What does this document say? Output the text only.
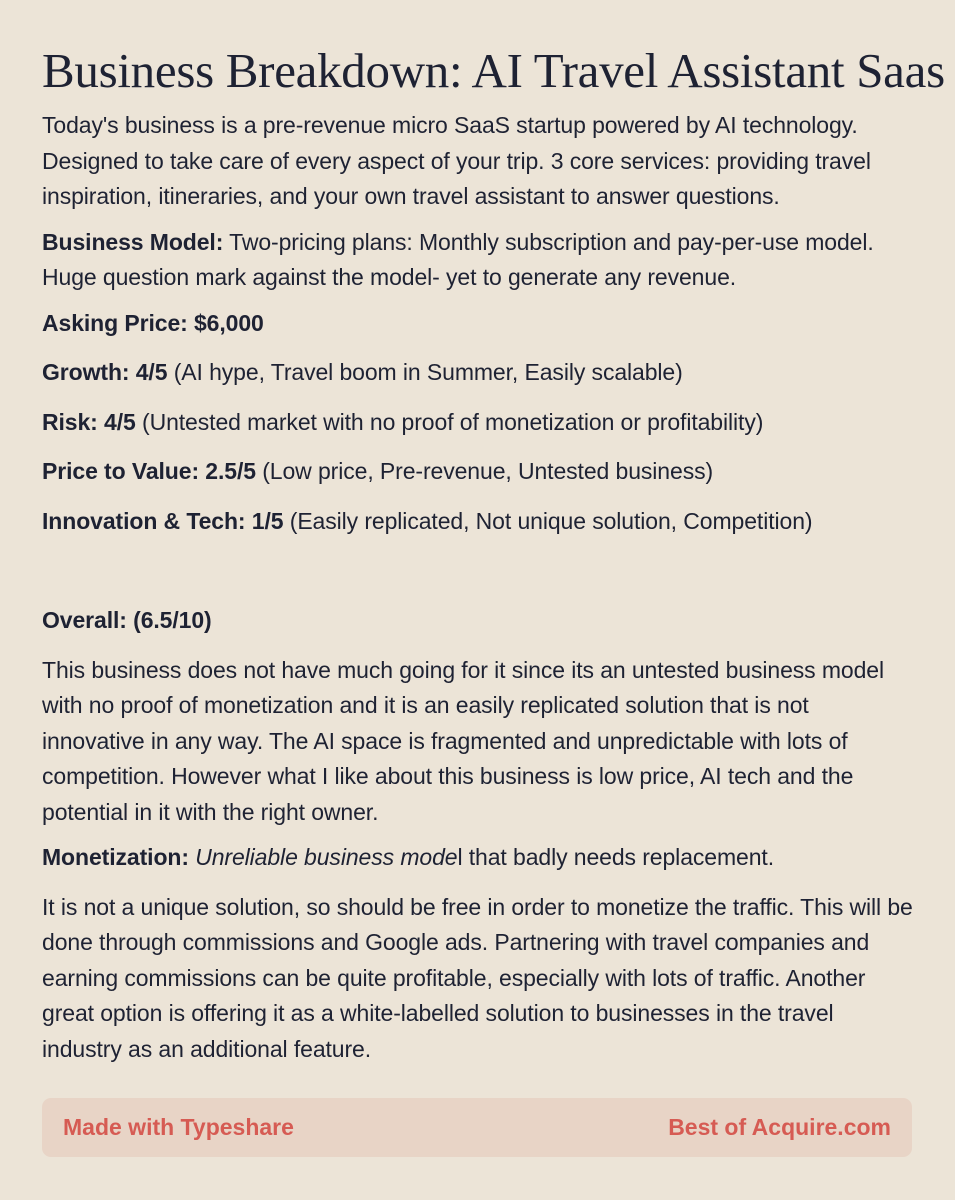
Business Breakdown: AI Travel Assistant Saas

Today's business is a pre-revenue micro SaaS startup powered by AI technology. Designed to take care of every aspect of your trip. 3 core services: providing travel inspiration, itineraries, and your own travel assistant to answer questions.

Business Model: Two-pricing plans: Monthly subscription and pay-per-use model. Huge question mark against the model- yet to generate any revenue.

Asking Price: $6,000

Growth: 4/5 (AI hype, Travel boom in Summer, Easily scalable)

Risk: 4/5 (Untested market with no proof of monetization or profitability)

Price to Value: 2.5/5 (Low price, Pre-revenue, Untested business)

Innovation & Tech: 1/5 (Easily replicated, Not unique solution, Competition)

Overall: (6.5/10)

This business does not have much going for it since its an untested business model with no proof of monetization and it is an easily replicated solution that is not innovative in any way. The AI space is fragmented and unpredictable with lots of competition. However what I like about this business is low price, AI tech and the potential in it with the right owner.

Monetization: Unreliable business model that badly needs replacement.

It is not a unique solution, so should be free in order to monetize the traffic. This will be done through commissions and Google ads. Partnering with travel companies and earning commissions can be quite profitable, especially with lots of traffic. Another great option is offering it as a white-labelled solution to businesses in the travel industry as an additional feature.

Made with Typeshare	Best of Acquire.com
